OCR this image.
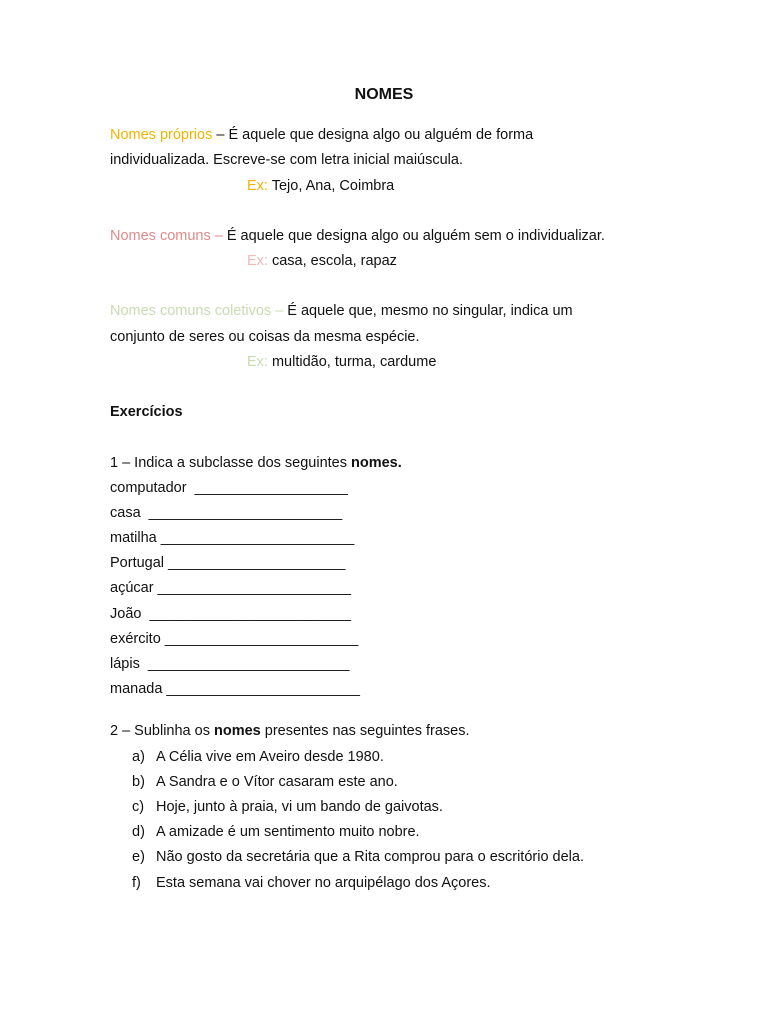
NOMES
Nomes próprios – É aquele que designa algo ou alguém de forma
individualizada. Escreve-se com letra inicial maiúscula.
Ex: Tejo, Ana, Coimbra
Nomes comuns – É aquele que designa algo ou alguém sem o individualizar.
Ex: casa, escola, rapaz
Nomes comuns coletivos – É aquele que, mesmo no singular, indica um
conjunto de seres ou coisas da mesma espécie.
Ex: multidão, turma, cardume
Exercícios
1 – Indica a subclasse dos seguintes nomes.
computador  ___________________
casa  ________________________
matilha ________________________
Portugal ______________________
açúcar ________________________
João  _________________________
exército ________________________
lápis  _________________________
manada ________________________
2 – Sublinha os nomes presentes nas seguintes frases.
a) A Célia vive em Aveiro desde 1980.
b) A Sandra e o Vítor casaram este ano.
c) Hoje, junto à praia, vi um bando de gaivotas.
d) A amizade é um sentimento muito nobre.
e) Não gosto da secretária que a Rita comprou para o escritório dela.
f) Esta semana vai chover no arquipélago dos Açores.
